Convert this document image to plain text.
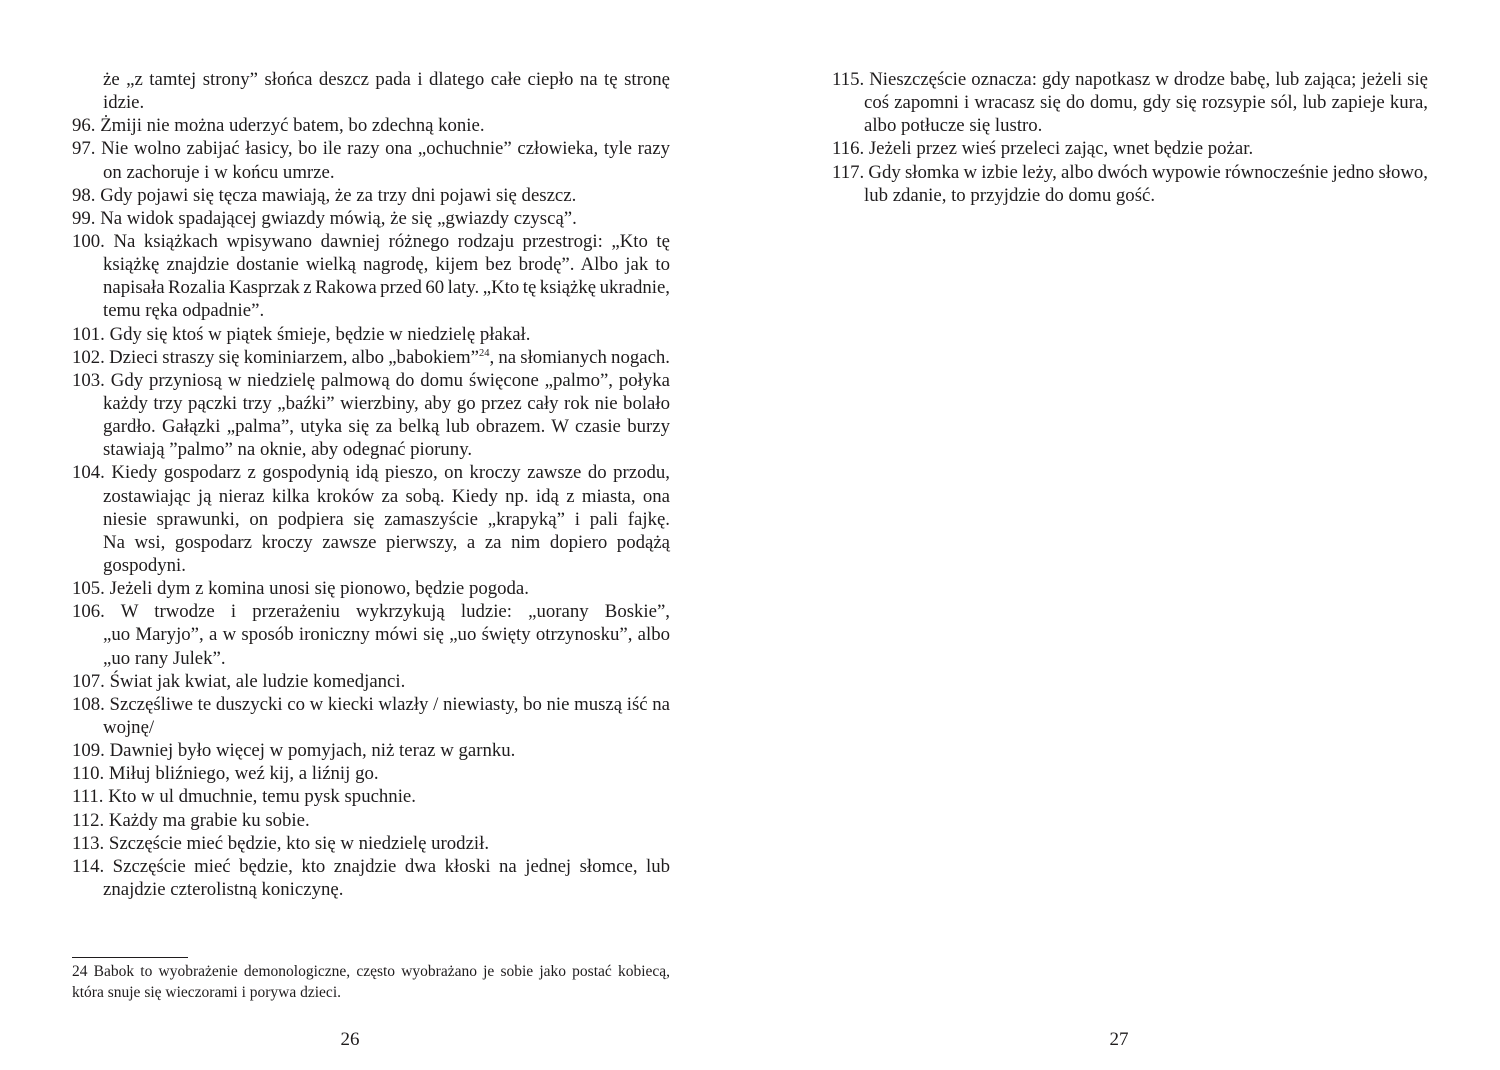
że „z tamtej strony” słońca deszcz pada i dlatego całe ciepło na tę stronę
idzie.
96. Żmiji nie można uderzyć batem, bo zdechną konie.
97. Nie wolno zabijać łasicy, bo ile razy ona „ochuchnie” człowieka, tyle razy
on zachoruje i w końcu umrze.
98. Gdy pojawi się tęcza mawiają, że za trzy dni pojawi się deszcz.
99. Na widok spadającej gwiazdy mówią, że się „gwiazdy czyscą”.
100. Na książkach wpisywano dawniej różnego rodzaju przestrogi: „Kto tę
książkę znajdzie dostanie wielką nagrodę, kijem bez brodę”. Albo jak to
napisała Rozalia Kasprzak z Rakowa przed 60 laty. „Kto tę książkę ukradnie,
temu ręka odpadnie”.
101. Gdy się ktoś w piątek śmieje, będzie w niedzielę płakał.
102. Dzieci straszy się kominiarzem, albo „babokiem”$^{24}$, na słomianych nogach.
103. Gdy przyniosą w niedzielę palmową do domu święcone „palmo”, połyka
każdy trzy pączki trzy „baźki” wierzbiny, aby go przez cały rok nie bolało
gardło. Gałązki „palma”, utyka się za belką lub obrazem. W czasie burzy
stawiają ”palmo” na oknie, aby odegnać pioruny.
104. Kiedy gospodarz z gospodynią idą pieszo, on kroczy zawsze do przodu,
zostawiając ją nieraz kilka kroków za sobą. Kiedy np. idą z miasta, ona
niesie sprawunki, on podpiera się zamaszyście „krapyką” i pali fajkę.
Na wsi, gospodarz kroczy zawsze pierwszy, a za nim dopiero podążą
gospodyni.
105. Jeżeli dym z komina unosi się pionowo, będzie pogoda.
106. W trwodze i przerażeniu wykrzykują ludzie: „uorany Boskie”,
„uo Maryjo”, a w sposób ironiczny mówi się „uo święty otrzynosku”, albo
„uo rany Julek”.
107. Świat jak kwiat, ale ludzie komedjanci.
108. Szczęśliwe te duszycki co w kiecki wlazły / niewiasty, bo nie muszą iść na
wojnę/
109. Dawniej było więcej w pomyjach, niż teraz w garnku.
110. Miłuj bliźniego, weź kij, a liźnij go.
111. Kto w ul dmuchnie, temu pysk spuchnie.
112. Każdy ma grabie ku sobie.
113. Szczęście mieć będzie, kto się w niedzielę urodził.
114. Szczęście mieć będzie, kto znajdzie dwa kłoski na jednej słomce, lub
znajdzie czterolistną koniczynę.
115. Nieszczęście oznacza: gdy napotkasz w drodze babę, lub zająca; jeżeli się
coś zapomni i wracasz się do domu, gdy się rozsypie sól, lub zapieje kura,
albo potłucze się lustro.
116. Jeżeli przez wieś przeleci zając, wnet będzie pożar.
117. Gdy słomka w izbie leży, albo dwóch wypowie równocześnie jedno słowo,
lub zdanie, to przyjdzie do domu gość.
24 Babok to wyobrażenie demonologiczne, często wyobrażano je sobie jako postać kobiecą,
która snuje się wieczorami i porywa dzieci.
26	27
